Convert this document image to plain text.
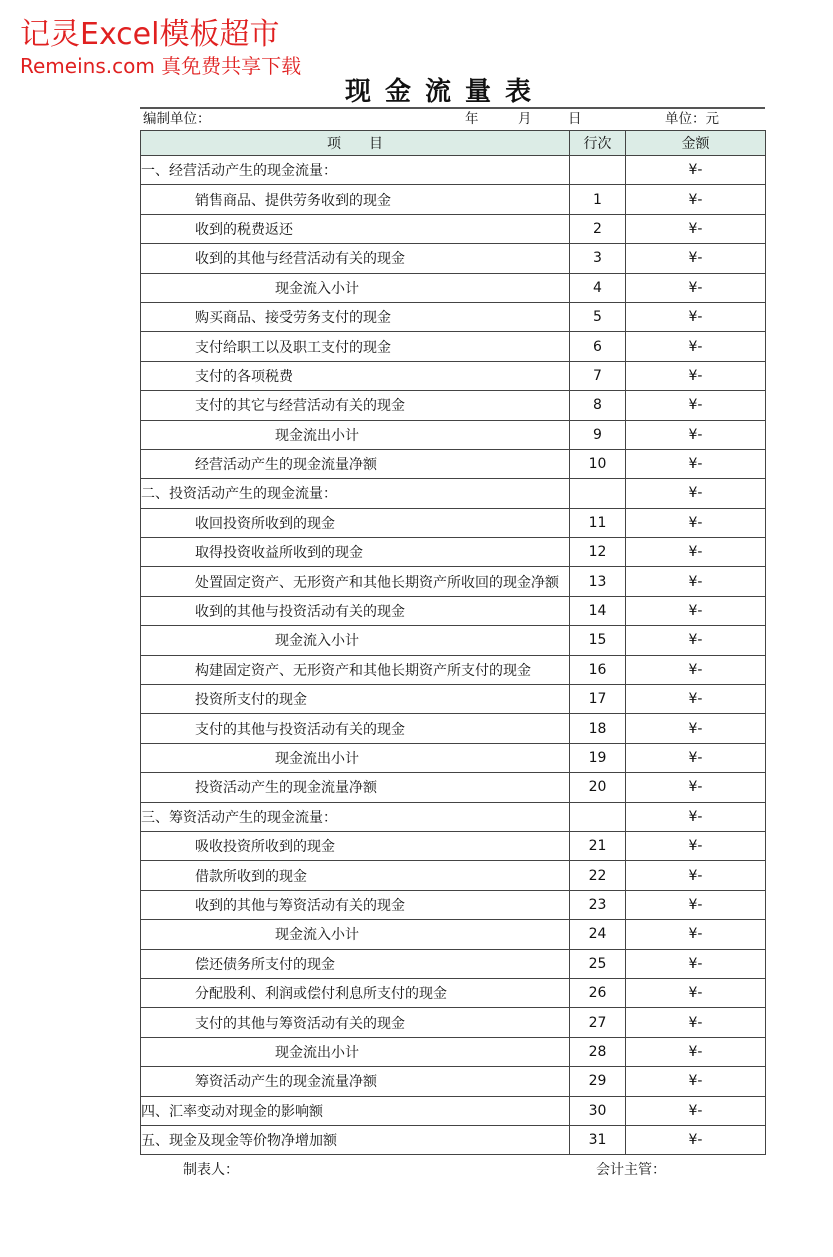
记灵Excel模板超市
Remeins.com 真免费共享下载
现金流量表
编制单位：	年	月	日	单位：元
项　　目	行次	金额
一、经营活动产生的现金流量：		¥-
销售商品、提供劳务收到的现金	1	¥-
收到的税费返还	2	¥-
收到的其他与经营活动有关的现金	3	¥-
现金流入小计	4	¥-
购买商品、接受劳务支付的现金	5	¥-
支付给职工以及职工支付的现金	6	¥-
支付的各项税费	7	¥-
支付的其它与经营活动有关的现金	8	¥-
现金流出小计	9	¥-
经营活动产生的现金流量净额	10	¥-
二、投资活动产生的现金流量：		¥-
收回投资所收到的现金	11	¥-
取得投资收益所收到的现金	12	¥-
处置固定资产、无形资产和其他长期资产所收回的现金净额	13	¥-
收到的其他与投资活动有关的现金	14	¥-
现金流入小计	15	¥-
构建固定资产、无形资产和其他长期资产所支付的现金	16	¥-
投资所支付的现金	17	¥-
支付的其他与投资活动有关的现金	18	¥-
现金流出小计	19	¥-
投资活动产生的现金流量净额	20	¥-
三、筹资活动产生的现金流量：		¥-
吸收投资所收到的现金	21	¥-
借款所收到的现金	22	¥-
收到的其他与筹资活动有关的现金	23	¥-
现金流入小计	24	¥-
偿还债务所支付的现金	25	¥-
分配股利、利润或偿付利息所支付的现金	26	¥-
支付的其他与筹资活动有关的现金	27	¥-
现金流出小计	28	¥-
筹资活动产生的现金流量净额	29	¥-
四、汇率变动对现金的影响额	30	¥-
五、现金及现金等价物净增加额	31	¥-
制表人：	会计主管：
